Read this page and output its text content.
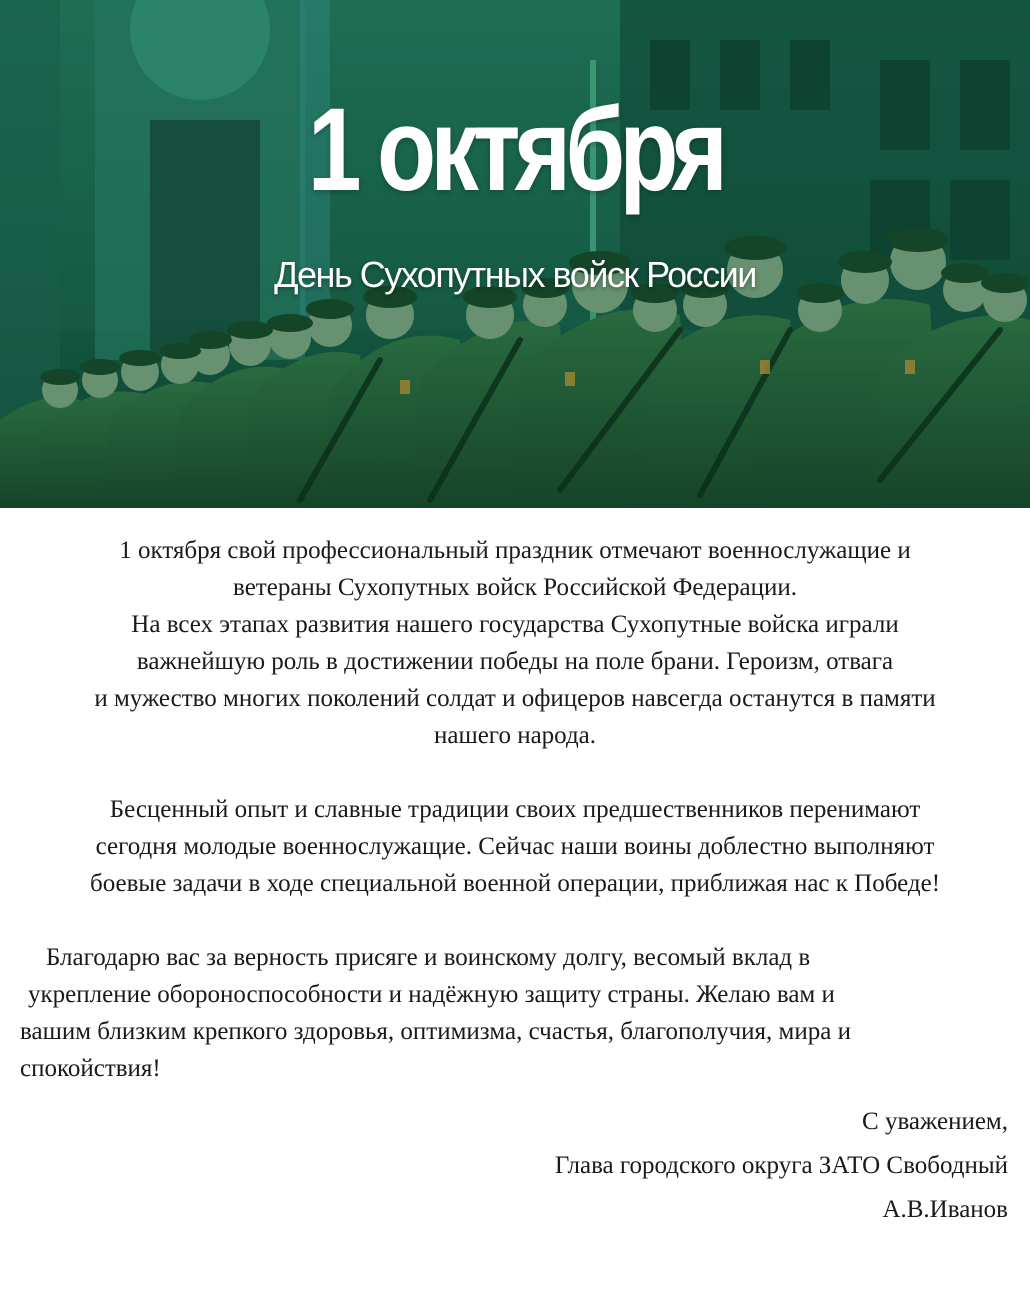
1 октября
День Сухопутных войск России
1 октября свой профессиональный праздник отмечают военнослужащие и
ветераны Сухопутных войск Российской Федерации.
На всех этапах развития нашего государства Сухопутные войска играли
важнейшую роль в достижении победы на поле брани. Героизм, отвага
и мужество многих поколений солдат и офицеров навсегда останутся в памяти
нашего народа.
Бесценный опыт и славные традиции своих предшественников перенимают
сегодня молодые военнослужащие. Сейчас наши воины доблестно выполняют
боевые задачи в ходе специальной военной операции, приближая нас к Победе!
Благодарю вас за верность присяге и воинскому долгу, весомый вклад в
укрепление обороноспособности и надёжную защиту страны. Желаю вам и
вашим близким крепкого здоровья, оптимизма, счастья, благополучия, мира и
спокойствия!
С уважением,
Глава городского округа ЗАТО Свободный
А.В.Иванов
